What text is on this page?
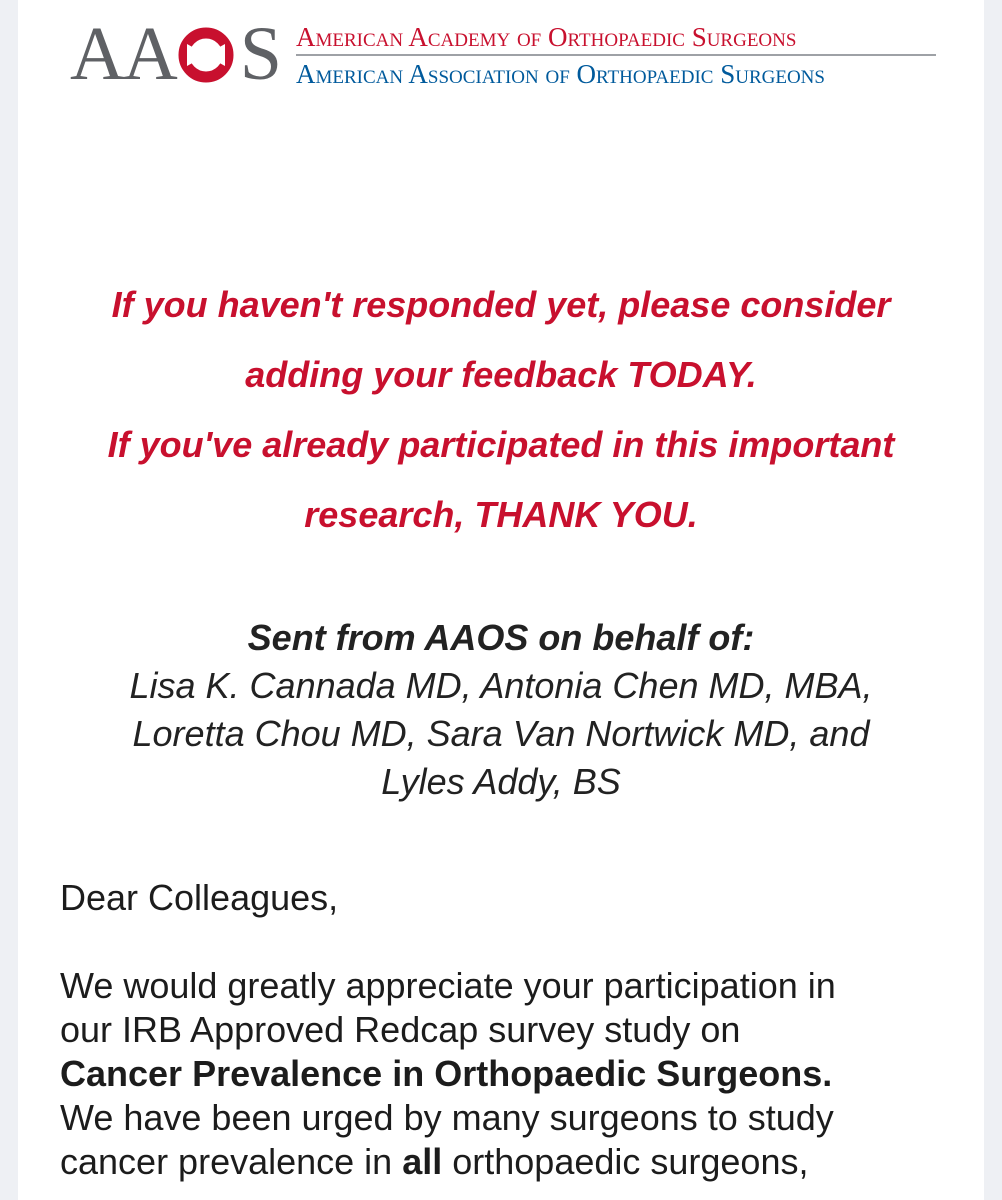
AA S American Academy of Orthopaedic Surgeons
American Association of Orthopaedic Surgeons

If you haven't responded yet, please consider

adding your feedback TODAY.

If you've already participated in this important

research, THANK YOU.

Sent from AAOS on behalf of:

Lisa K. Cannada MD, Antonia Chen MD, MBA,

Loretta Chou MD, Sara Van Nortwick MD, and

Lyles Addy, BS

Dear Colleagues,

We would greatly appreciate your participation in

our IRB Approved Redcap survey study on

Cancer Prevalence in Orthopaedic Surgeons.

We have been urged by many surgeons to study

cancer prevalence in all orthopaedic surgeons,
